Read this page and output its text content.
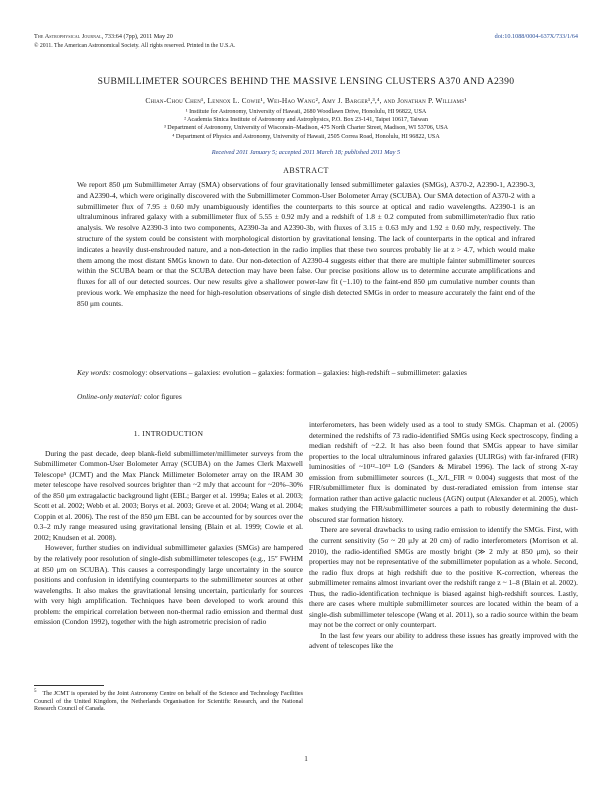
The Astrophysical Journal, 733:64 (7pp), 2011 May 20	doi:10.1088/0004-637X/733/1/64
© 2011. The American Astronomical Society. All rights reserved. Printed in the U.S.A.
SUBMILLIMETER SOURCES BEHIND THE MASSIVE LENSING CLUSTERS A370 AND A2390
Chian-Chou Chen¹, Lennox L. Cowie¹, Wei-Hao Wang², Amy J. Barger¹,³,⁴, and Jonathan P. Williams¹
¹ Institute for Astronomy, University of Hawaii, 2680 Woodlawn Drive, Honolulu, HI 96822, USA
² Academia Sinica Institute of Astronomy and Astrophysics, P.O. Box 23-141, Taipei 10617, Taiwan
³ Department of Astronomy, University of Wisconsin–Madison, 475 North Charter Street, Madison, WI 53706, USA
⁴ Department of Physics and Astronomy, University of Hawaii, 2505 Correa Road, Honolulu, HI 96822, USA
Received 2011 January 5; accepted 2011 March 18; published 2011 May 5
ABSTRACT
We report 850 μm Submillimeter Array (SMA) observations of four gravitationally lensed submillimeter galaxies (SMGs), A370-2, A2390-1, A2390-3, and A2390-4, which were originally discovered with the Submillimeter Common-User Bolometer Array (SCUBA). Our SMA detection of A370-2 with a submillimeter flux of 7.95 ± 0.60 mJy unambiguously identifies the counterparts to this source at optical and radio wavelengths. A2390-1 is an ultraluminous infrared galaxy with a submillimeter flux of 5.55 ± 0.92 mJy and a redshift of 1.8 ± 0.2 computed from submillimeter/radio flux ratio analysis. We resolve A2390-3 into two components, A2390-3a and A2390-3b, with fluxes of 3.15 ± 0.63 mJy and 1.92 ± 0.60 mJy, respectively. The structure of the system could be consistent with morphological distortion by gravitational lensing. The lack of counterparts in the optical and infrared indicates a heavily dust-enshrouded nature, and a non-detection in the radio implies that these two sources probably lie at z > 4.7, which would make them among the most distant SMGs known to date. Our non-detection of A2390-4 suggests either that there are multiple fainter submillimeter sources within the SCUBA beam or that the SCUBA detection may have been false. Our precise positions allow us to determine accurate amplifications and fluxes for all of our detected sources. Our new results give a shallower power-law fit (−1.10) to the faint-end 850 μm cumulative number counts than previous work. We emphasize the need for high-resolution observations of single dish detected SMGs in order to measure accurately the faint end of the 850 μm counts.
Key words: cosmology: observations – galaxies: evolution – galaxies: formation – galaxies: high-redshift – submillimeter: galaxies
Online-only material: color figures
1. INTRODUCTION

During the past decade, deep blank-field submillimeter/millimeter surveys from the Submillimeter Common-User Bolometer Array (SCUBA) on the James Clerk Maxwell Telescope⁵ (JCMT) and the Max Planck Millimeter Bolometer array on the IRAM 30 meter telescope have resolved sources brighter than ~2 mJy that account for ~20%–30% of the 850 μm extragalactic background light (EBL; Barger et al. 1999a; Eales et al. 2003; Scott et al. 2002; Webb et al. 2003; Borys et al. 2003; Greve et al. 2004; Wang et al. 2004; Coppin et al. 2006). The rest of the 850 μm EBL can be accounted for by sources over the 0.3–2 mJy range measured using gravitational lensing (Blain et al. 1999; Cowie et al. 2002; Knudsen et al. 2008).

However, further studies on individual submillimeter galaxies (SMGs) are hampered by the relatively poor resolution of single-dish submillimeter telescopes (e.g., 15″ FWHM at 850 μm on SCUBA). This causes a correspondingly large uncertainty in the source positions and confusion in identifying counterparts to the submillimeter sources at other wavelengths. It also makes the gravitational lensing uncertain, particularly for sources with very high amplification. Techniques have been developed to work around this problem: the empirical correlation between non-thermal radio emission and thermal dust emission (Condon 1992), together with the high astrometric precision of radio

interferometers, has been widely used as a tool to study SMGs. Chapman et al. (2005) determined the redshifts of 73 radio-identified SMGs using Keck spectroscopy, finding a median redshift of ~2.2. It has also been found that SMGs appear to have similar properties to the local ultraluminous infrared galaxies (ULIRGs) with far-infrared (FIR) luminosities of ~10¹²–10¹³ L⊙ (Sanders & Mirabel 1996). The lack of strong X-ray emission from submillimeter sources (L_X/L_FIR ≈ 0.004) suggests that most of the FIR/submillimeter flux is dominated by dust-reradiated emission from intense star formation rather than active galactic nucleus (AGN) output (Alexander et al. 2005), which makes studying the FIR/submillimeter sources a path to robustly determining the dust-obscured star formation history.

There are several drawbacks to using radio emission to identify the SMGs. First, with the current sensitivity (5σ ~ 20 μJy at 20 cm) of radio interferometers (Morrison et al. 2010), the radio-identified SMGs are mostly bright (≫ 2 mJy at 850 μm), so their properties may not be representative of the submillimeter population as a whole. Second, the radio flux drops at high redshift due to the positive K-correction, whereas the submillimeter remains almost invariant over the redshift range z ~ 1–8 (Blain et al. 2002). Thus, the radio-identification technique is biased against high-redshift sources. Lastly, there are cases where multiple submillimeter sources are located within the beam of a single-dish submillimeter telescope (Wang et al. 2011), so a radio source within the beam may not be the correct or only counterpart.

In the last few years our ability to address these issues has greatly improved with the advent of telescopes like the

$^5$ The JCMT is operated by the Joint Astronomy Centre on behalf of the Science and Technology Facilities Council of the United Kingdom, the Netherlands Organisation for Scientific Research, and the National Research Council of Canada.
1
